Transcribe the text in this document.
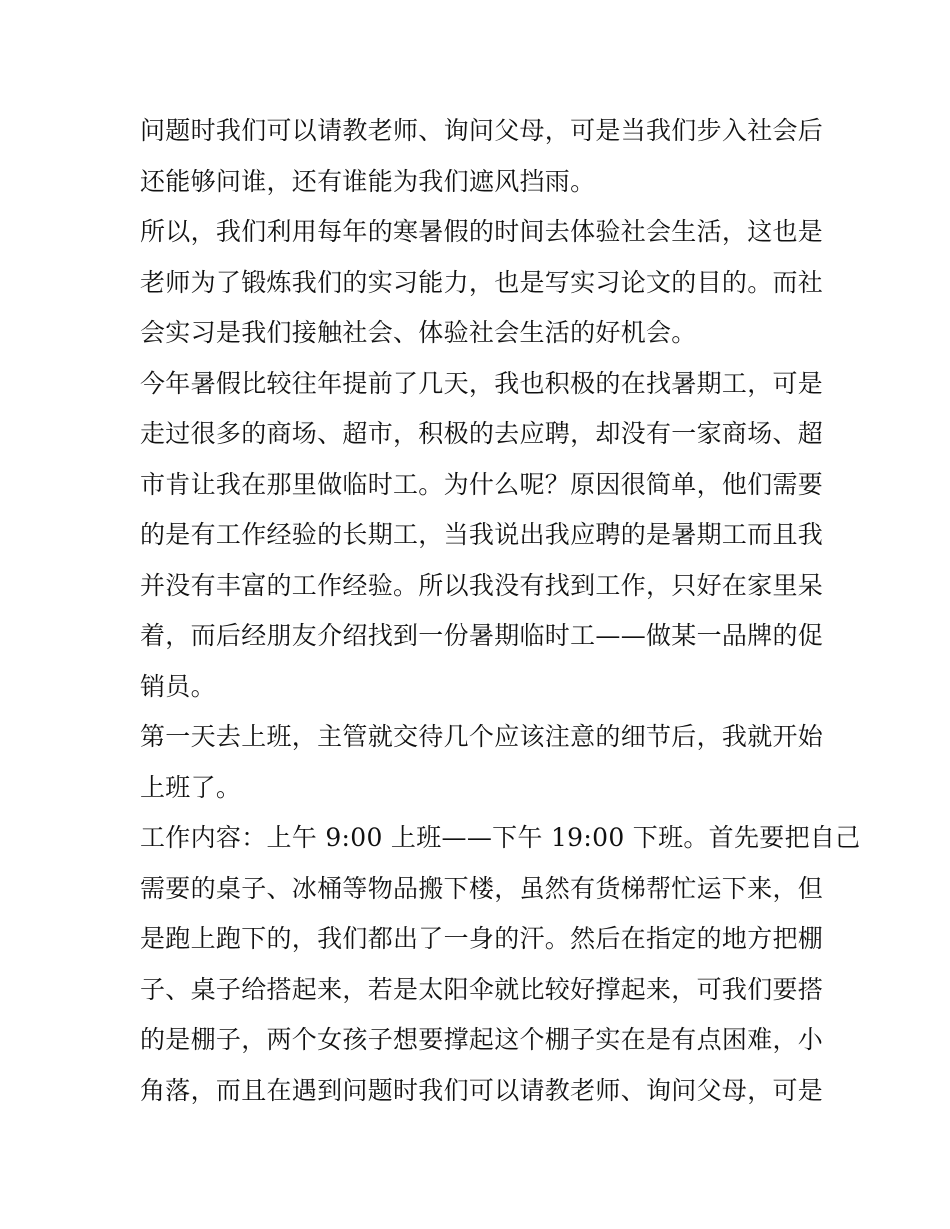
问题时我们可以请教老师、询问父母，可是当我们步入社会后
还能够问谁，还有谁能为我们遮风挡雨。
所以，我们利用每年的寒暑假的时间去体验社会生活，这也是
老师为了锻炼我们的实习能力，也是写实习论文的目的。而社
会实习是我们接触社会、体验社会生活的好机会。
今年暑假比较往年提前了几天，我也积极的在找暑期工，可是
走过很多的商场、超市，积极的去应聘，却没有一家商场、超
市肯让我在那里做临时工。为什么呢？原因很简单，他们需要
的是有工作经验的长期工，当我说出我应聘的是暑期工而且我
并没有丰富的工作经验。所以我没有找到工作，只好在家里呆
着，而后经朋友介绍找到一份暑期临时工——做某一品牌的促
销员。
第一天去上班，主管就交待几个应该注意的细节后，我就开始
上班了。
工作内容：上午 9:00 上班——下午 19:00 下班。首先要把自己
需要的桌子、冰桶等物品搬下楼，虽然有货梯帮忙运下来，但
是跑上跑下的，我们都出了一身的汗。然后在指定的地方把棚
子、桌子给搭起来，若是太阳伞就比较好撑起来，可我们要搭
的是棚子，两个女孩子想要撑起这个棚子实在是有点困难，小
角落，而且在遇到问题时我们可以请教老师、询问父母，可是
